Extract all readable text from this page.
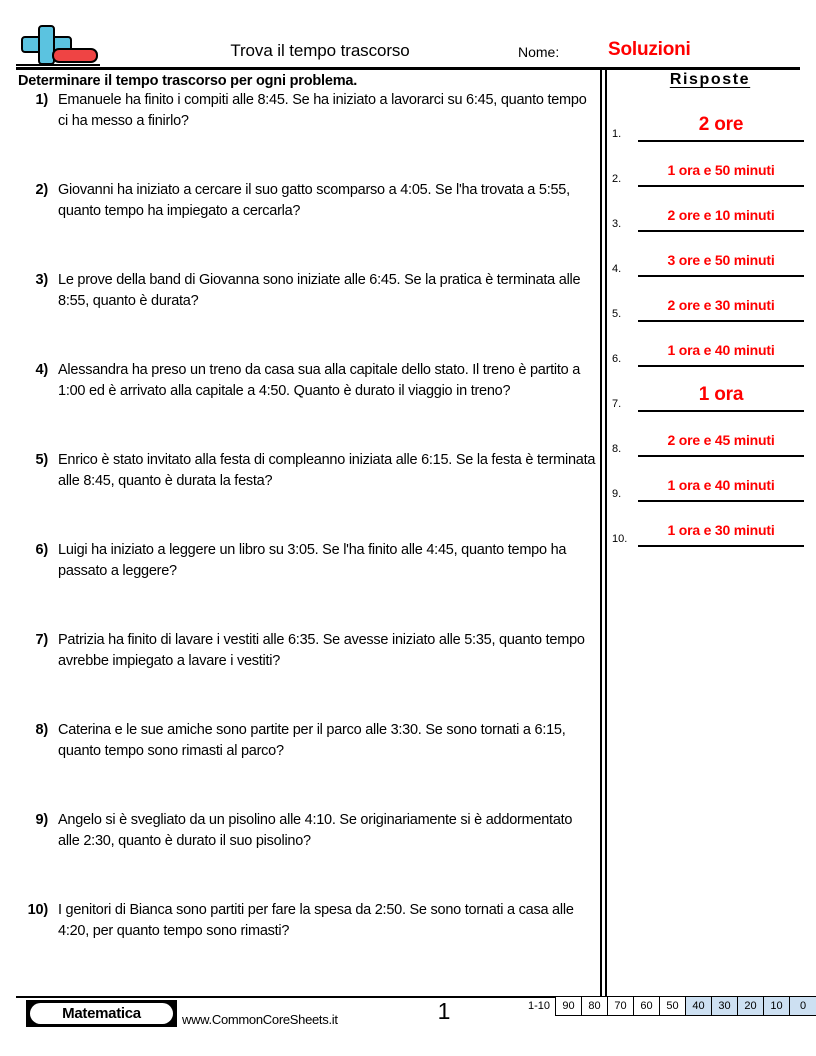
Trova il tempo trascorso	Nome:	Soluzioni
Determinare il tempo trascorso per ogni problema.
1) Emanuele ha finito i compiti alle 8:45. Se ha iniziato a lavorarci su 6:45, quanto tempo ci ha messo a finirlo?
2) Giovanni ha iniziato a cercare il suo gatto scomparso a 4:05. Se l'ha trovata a 5:55, quanto tempo ha impiegato a cercarla?
3) Le prove della band di Giovanna sono iniziate alle 6:45. Se la pratica è terminata alle 8:55, quanto è durata?
4) Alessandra ha preso un treno da casa sua alla capitale dello stato. Il treno è partito a 1:00 ed è arrivato alla capitale a 4:50. Quanto è durato il viaggio in treno?
5) Enrico è stato invitato alla festa di compleanno iniziata alle 6:15. Se la festa è terminata alle 8:45, quanto è durata la festa?
6) Luigi ha iniziato a leggere un libro su 3:05. Se l'ha finito alle 4:45, quanto tempo ha passato a leggere?
7) Patrizia ha finito di lavare i vestiti alle 6:35. Se avesse iniziato alle 5:35, quanto tempo avrebbe impiegato a lavare i vestiti?
8) Caterina e le sue amiche sono partite per il parco alle 3:30. Se sono tornati a 6:15, quanto tempo sono rimasti al parco?
9) Angelo si è svegliato da un pisolino alle 4:10. Se originariamente si è addormentato alle 2:30, quanto è durato il suo pisolino?
10) I genitori di Bianca sono partiti per fare la spesa da 2:50. Se sono tornati a casa alle 4:20, per quanto tempo sono rimasti?
Risposte
1.	2 ore
2.
1 ora e 50 minuti
3.
2 ore e 10 minuti
4.
3 ore e 50 minuti
5.
2 ore e 30 minuti
6.
1 ora e 40 minuti
7.	1 ora
8.
2 ore e 45 minuti
9.
1 ora e 40 minuti
10.
1 ora e 30 minuti
Matematica	www.CommonCoreSheets.it	1	1-10	90	80	70	60	50	40	30	20	10	0
